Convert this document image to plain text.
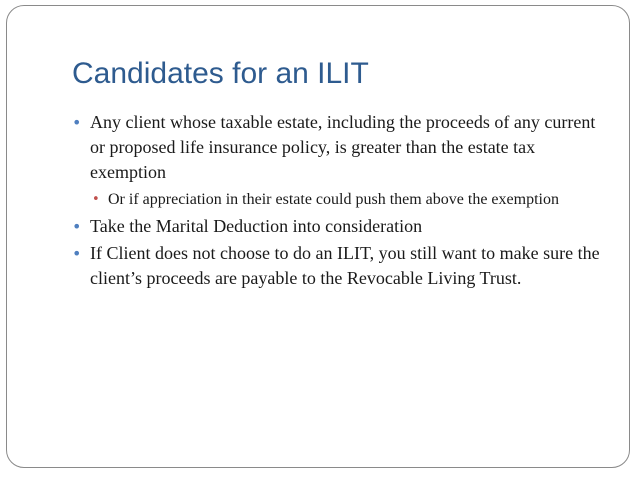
Candidates for an ILIT
• Any client whose taxable estate, including the proceeds of any current or proposed life insurance policy, is greater than the estate tax exemption
• Or if appreciation in their estate could push them above the exemption
• Take the Marital Deduction into consideration
• If Client does not choose to do an ILIT, you still want to make sure the client’s proceeds are payable to the Revocable Living Trust.
